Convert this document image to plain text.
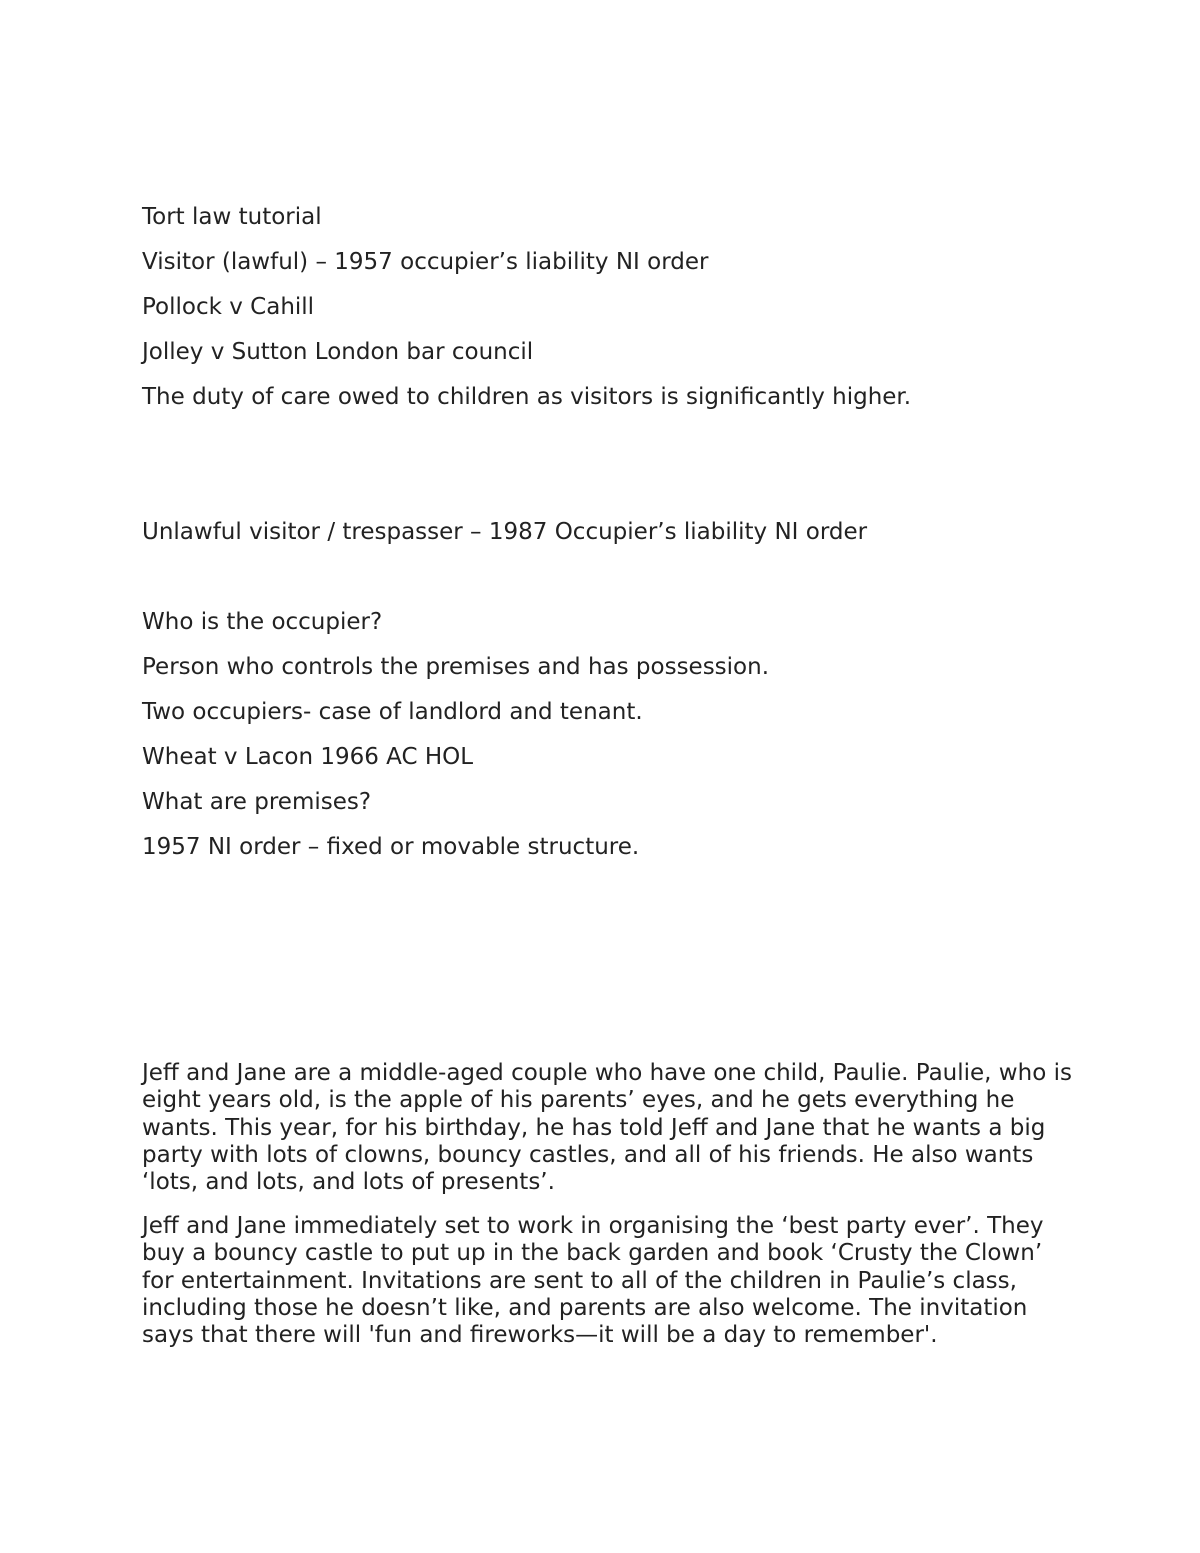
Tort law tutorial

Visitor (lawful) – 1957 occupier’s liability NI order

Pollock v Cahill

Jolley v Sutton London bar council

The duty of care owed to children as visitors is significantly higher.

Unlawful visitor / trespasser – 1987 Occupier’s liability NI order

Who is the occupier?

Person who controls the premises and has possession.

Two occupiers- case of landlord and tenant.

Wheat v Lacon 1966 AC HOL

What are premises?

1957 NI order – fixed or movable structure.

Jeff and Jane are a middle-aged couple who have one child, Paulie. Paulie, who is eight years old, is the apple of his parents’ eyes, and he gets everything he wants. This year, for his birthday, he has told Jeff and Jane that he wants a big party with lots of clowns, bouncy castles, and all of his friends. He also wants ‘lots, and lots, and lots of presents’.

Jeff and Jane immediately set to work in organising the ‘best party ever’. They buy a bouncy castle to put up in the back garden and book ‘Crusty the Clown’ for entertainment. Invitations are sent to all of the children in Paulie’s class, including those he doesn’t like, and parents are also welcome. The invitation says that there will 'fun and fireworks—it will be a day to remember'.
